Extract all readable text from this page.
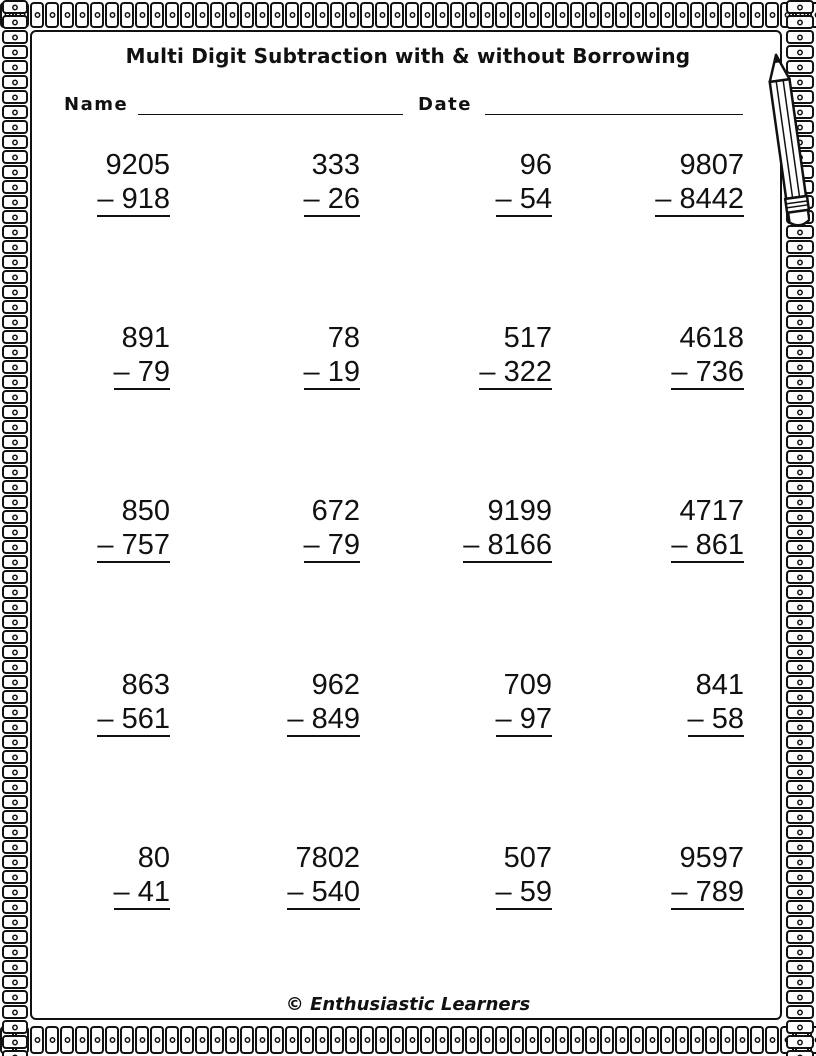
Multi Digit Subtraction with & without Borrowing
Name	Date
9205
– 918
333
– 26
96
– 54
9807
– 8442
891
– 79
78
– 19
517
– 322
4618
– 736
850
– 757
672
– 79
9199
– 8166
4717
– 861
863
– 561
962
– 849
709
– 97
841
– 58
80
– 41
7802
– 540
507
– 59
9597
– 789
© Enthusiastic Learners
